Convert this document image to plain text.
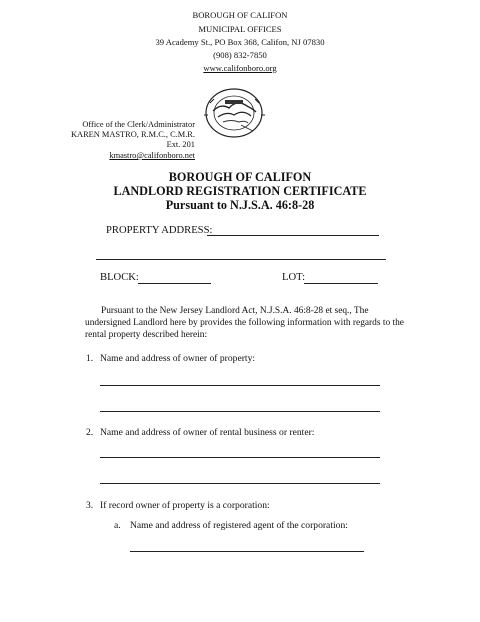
BOROUGH OF CALIFON
MUNICIPAL OFFICES
39 Academy St., PO Box 368, Califon, NJ 07830
(908) 832-7850
www.califonboro.org
Office of the Clerk/Administrator
KAREN MASTRO, R.M.C., C.M.R.
Ext. 201
kmastro@califonboro.net
BOROUGH OF CALIFON
LANDLORD REGISTRATION CERTIFICATE
Pursuant to N.J.S.A. 46:8-28
PROPERTY ADDRESS:
BLOCK:	LOT:
Pursuant to the New Jersey Landlord Act, N.J.S.A. 46:8-28 et seq., The
undersigned Landlord here by provides the following information with regards to the
rental property described herein:
1. Name and address of owner of property:
2. Name and address of owner of rental business or renter:
3. If record owner of property is a corporation:
a. Name and address of registered agent of the corporation:
